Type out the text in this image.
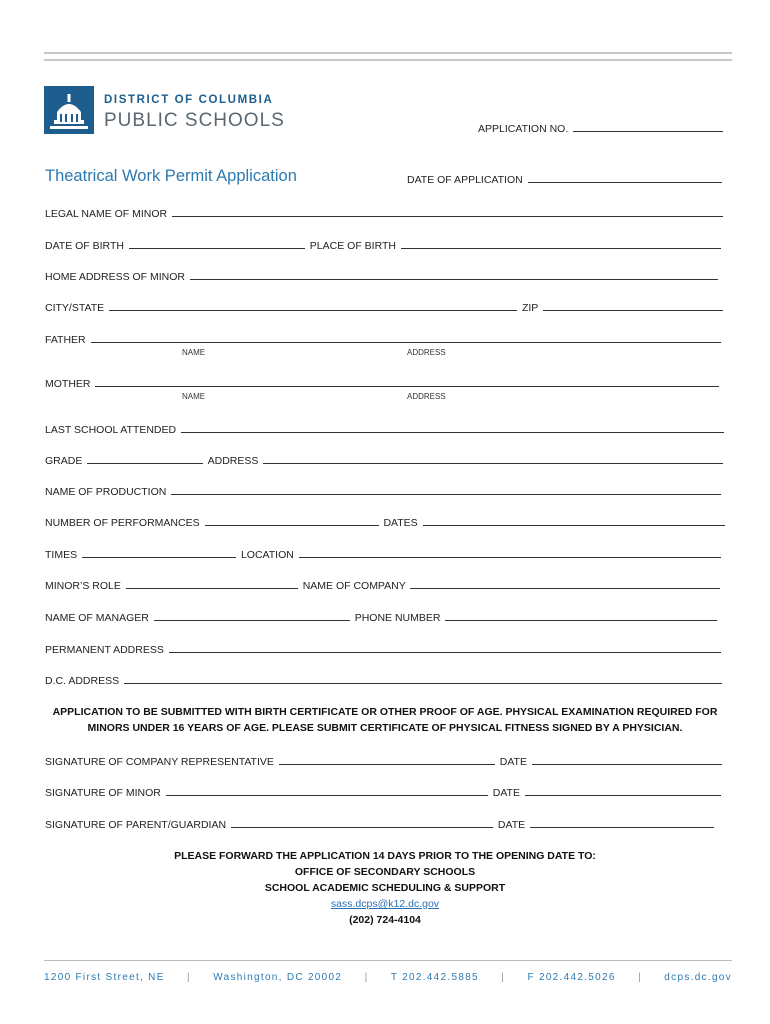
DISTRICT OF COLUMBIA
PUBLIC SCHOOLS	APPLICATION NO.
Theatrical Work Permit Application	DATE OF APPLICATION
LEGAL NAME OF MINOR
DATE OF BIRTH	PLACE OF BIRTH
HOME ADDRESS OF MINOR
CITY/STATE	ZIP
FATHER
NAME	ADDRESS
MOTHER
NAME	ADDRESS
LAST SCHOOL ATTENDED
GRADE	ADDRESS
NAME OF PRODUCTION
NUMBER OF PERFORMANCES	DATES
TIMES	LOCATION
MINOR’S ROLE	NAME OF COMPANY
NAME OF MANAGER	PHONE NUMBER
PERMANENT ADDRESS
D.C. ADDRESS
APPLICATION TO BE SUBMITTED WITH BIRTH CERTIFICATE OR OTHER PROOF OF AGE. PHYSICAL EXAMINATION REQUIRED FOR
MINORS UNDER 16 YEARS OF AGE. PLEASE SUBMIT CERTIFICATE OF PHYSICAL FITNESS SIGNED BY A PHYSICIAN.
SIGNATURE OF COMPANY REPRESENTATIVE	DATE
SIGNATURE OF MINOR	DATE
SIGNATURE OF PARENT/GUARDIAN	DATE
PLEASE FORWARD THE APPLICATION 14 DAYS PRIOR TO THE OPENING DATE TO:
OFFICE OF SECONDARY SCHOOLS
SCHOOL ACADEMIC SCHEDULING & SUPPORT
sass.dcps@k12.dc.gov
(202) 724-4104
1200 First Street, NE | Washington, DC 20002 | T 202.442.5885 | F 202.442.5026 | dcps.dc.gov
